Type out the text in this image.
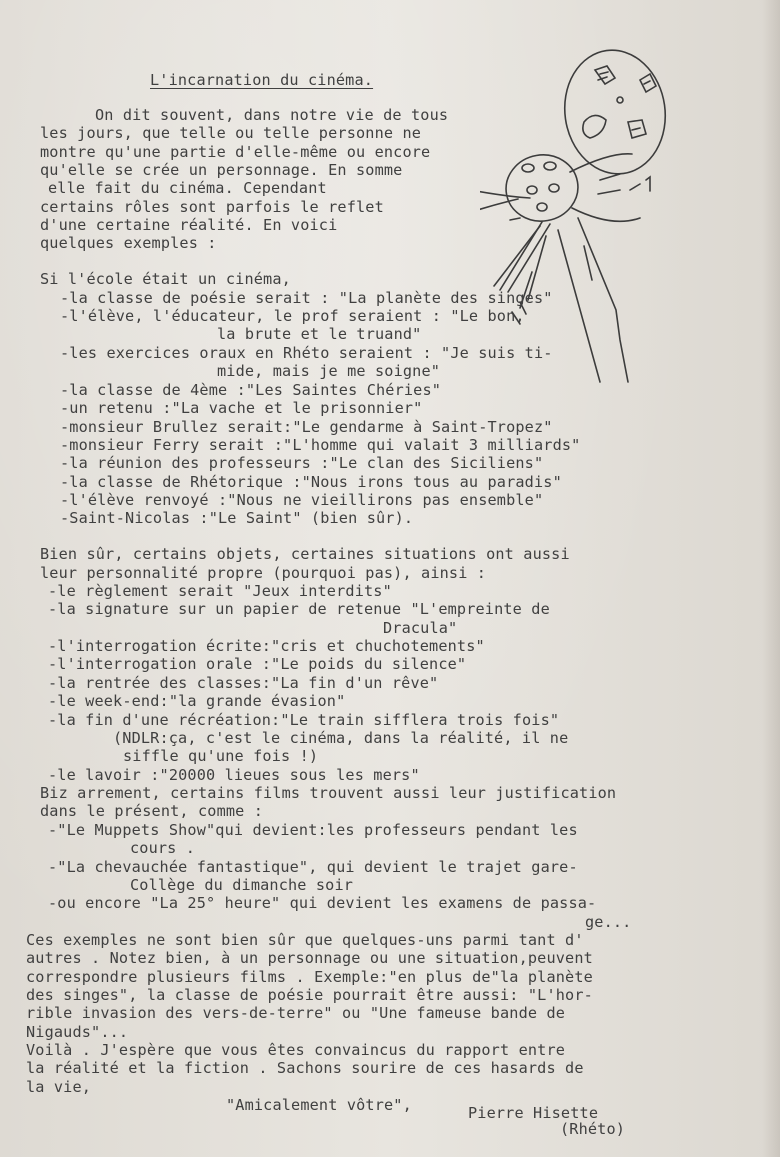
L'incarnation du cinéma.
On dit souvent, dans notre vie de tous
les jours, que telle ou telle personne ne
montre qu'une partie d'elle-même ou encore
qu'elle se crée un personnage. En somme
elle fait du cinéma. Cependant
certains rôles sont parfois le reflet
d'une certaine réalité. En voici
quelques exemples :
Si l'école était un cinéma,
-la classe de poésie serait : "La planète des singes"
-l'élève, l'éducateur, le prof seraient : "Le bon,
la brute et le truand"
-les exercices oraux en Rhéto seraient : "Je suis ti-
mide, mais je me soigne"
-la classe de 4ème :"Les Saintes Chéries"
-un retenu :"La vache et le prisonnier"
-monsieur Brullez serait:"Le gendarme à Saint-Tropez"
-monsieur Ferry serait :"L'homme qui valait 3 milliards"
-la réunion des professeurs :"Le clan des Siciliens"
-la classe de Rhétorique :"Nous irons tous au paradis"
-l'élève renvoyé :"Nous ne vieillirons pas ensemble"
-Saint-Nicolas :"Le Saint" (bien sûr).
Bien sûr, certains objets, certaines situations ont aussi
leur personnalité propre (pourquoi pas), ainsi :
-le règlement serait "Jeux interdits"
-la signature sur un papier de retenue "L'empreinte de
Dracula"
-l'interrogation écrite:"cris et chuchotements"
-l'interrogation orale :"Le poids du silence"
-la rentrée des classes:"La fin d'un rêve"
-le week-end:"la grande évasion"
-la fin d'une récréation:"Le train sifflera trois fois"
(NDLR:ça, c'est le cinéma, dans la réalité, il ne
siffle qu'une fois !)
-le lavoir :"20000 lieues sous les mers"
Biz arrement, certains films trouvent aussi leur justification
dans le présent, comme :
-"Le Muppets Show"qui devient:les professeurs pendant les
cours .
-"La chevauchée fantastique", qui devient le trajet gare-
Collège du dimanche soir
-ou encore "La 25° heure" qui devient les examens de passa-
ge...
Ces exemples ne sont bien sûr que quelques-uns parmi tant d'
autres . Notez bien, à un personnage ou une situation,peuvent
correspondre plusieurs films . Exemple:"en plus de"la planète
des singes", la classe de poésie pourrait être aussi: "L'hor-
rible invasion des vers-de-terre" ou "Une fameuse bande de
Nigauds"...
Voilà . J'espère que vous êtes convaincus du rapport entre
la réalité et la fiction . Sachons sourire de ces hasards de
la vie,
"Amicalement vôtre",	Pierre Hisette
(Rhéto)
